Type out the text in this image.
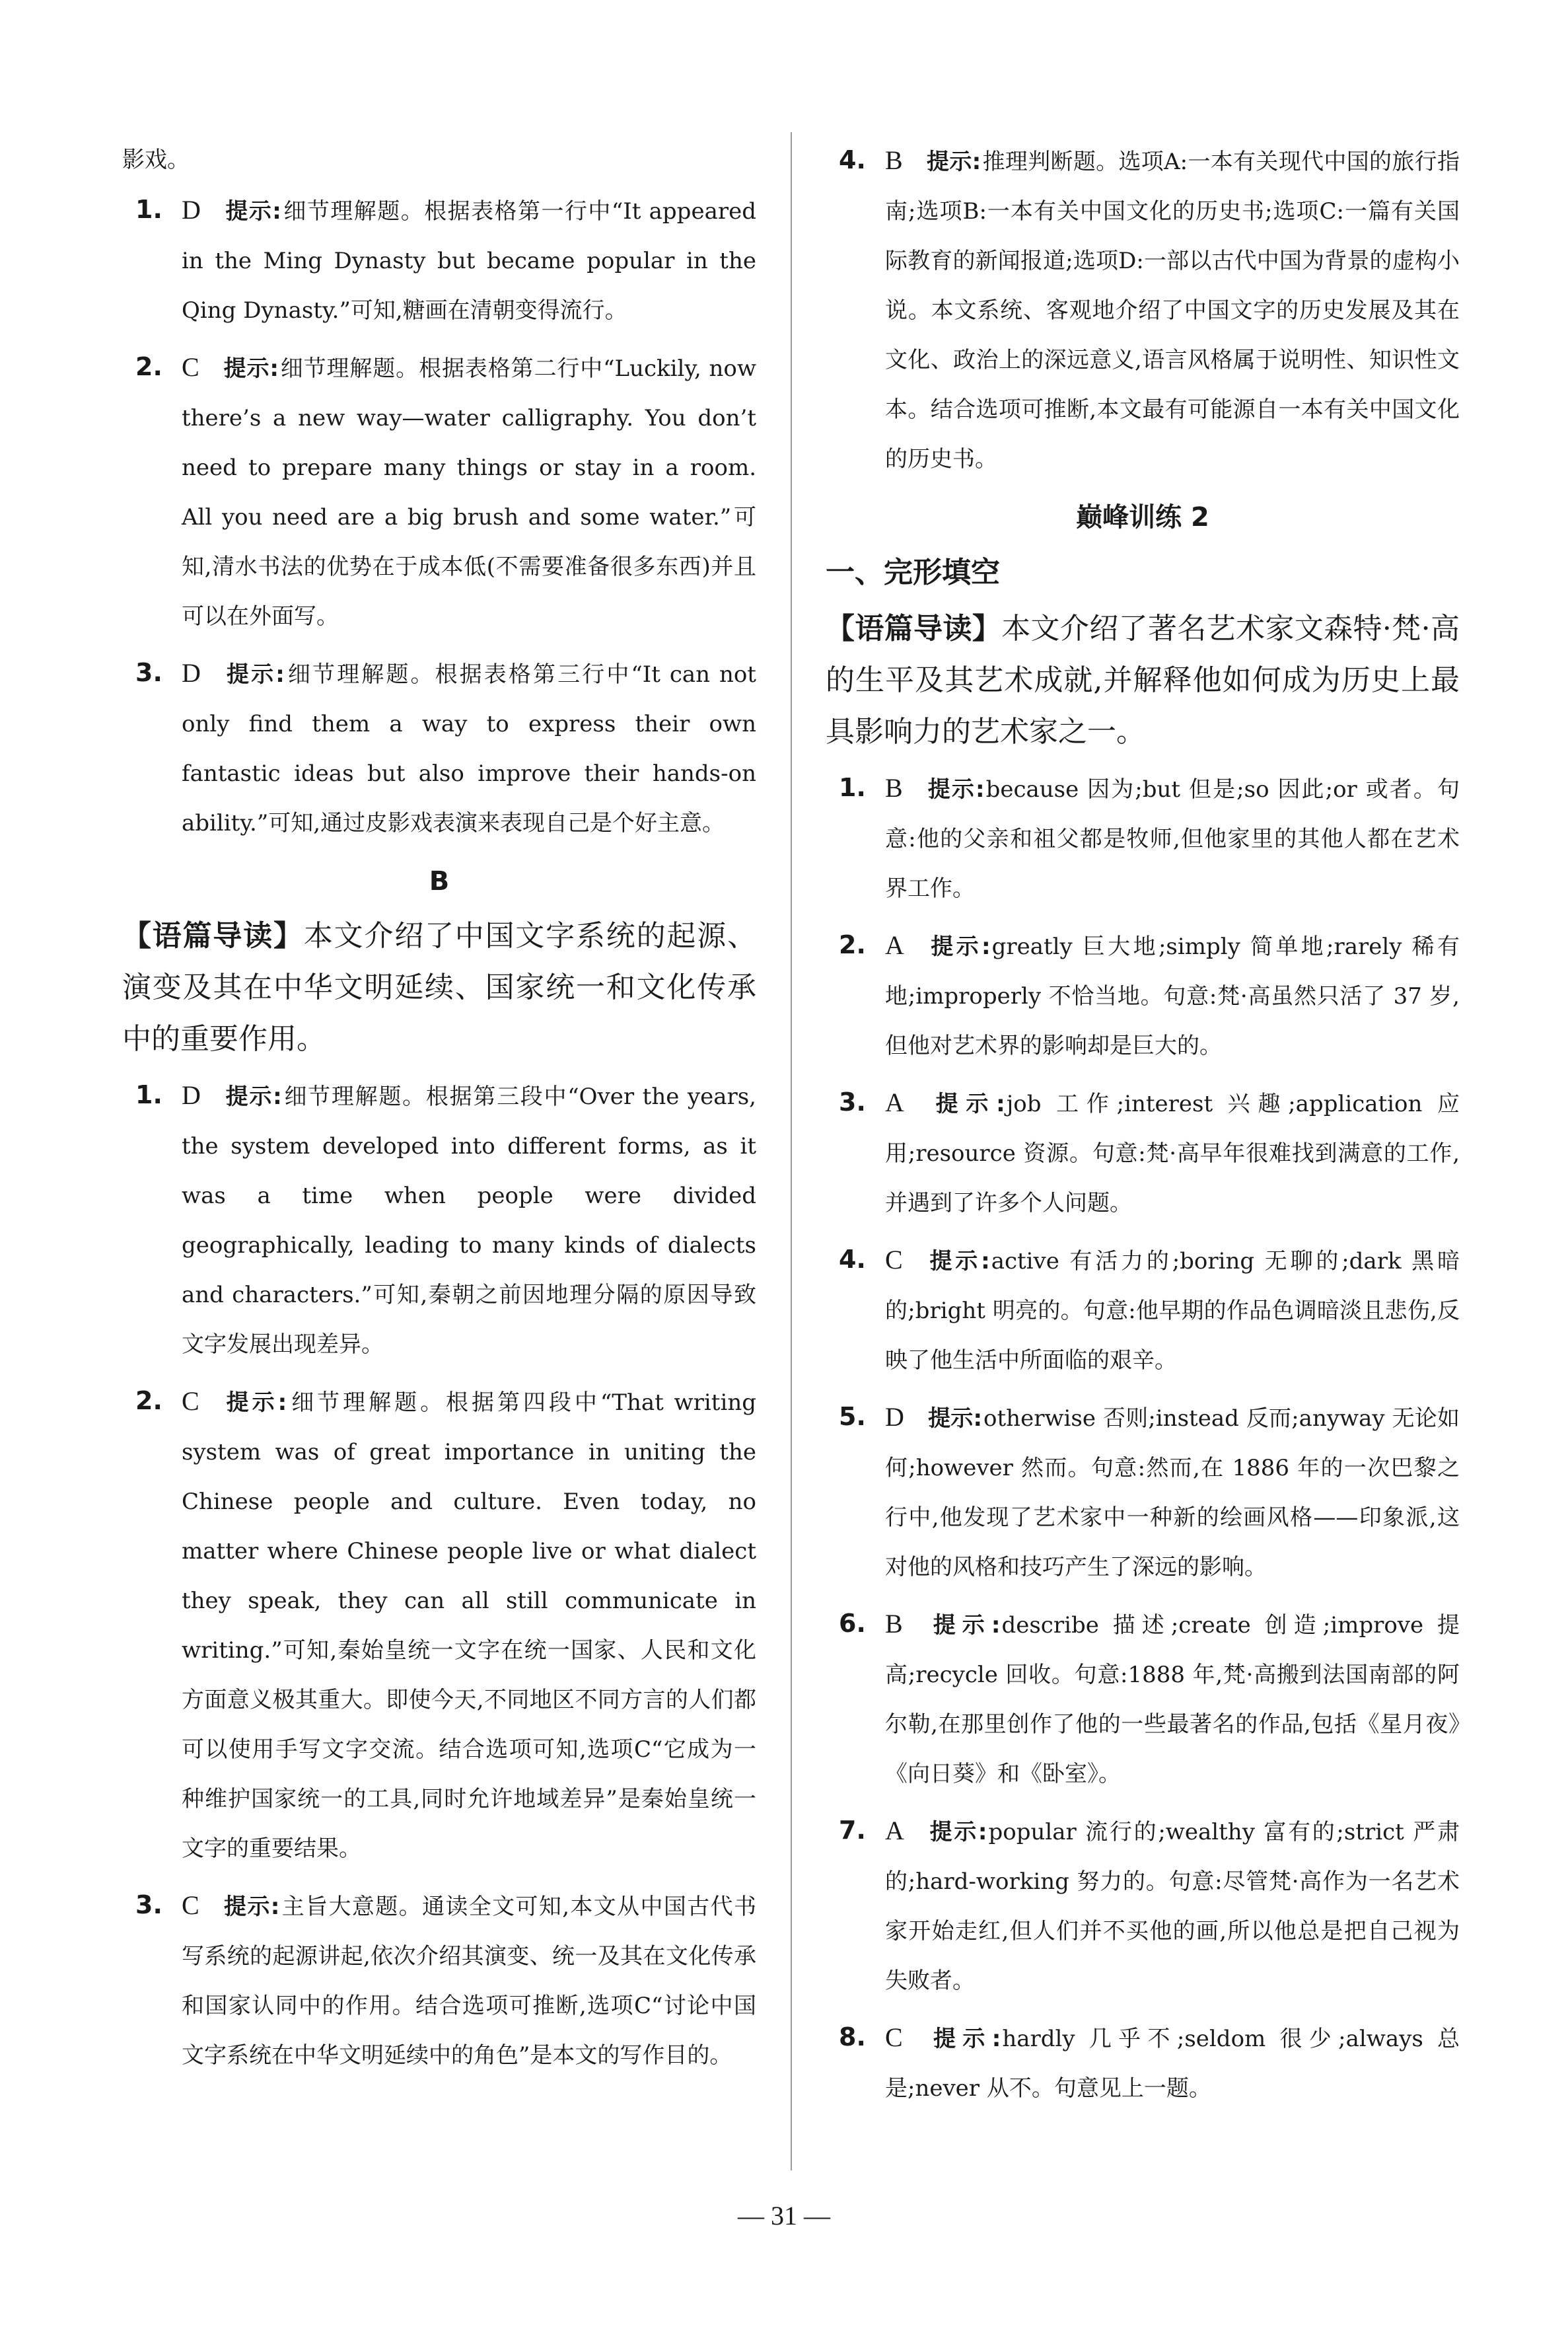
影戏。

1. D 提示:细节理解题。根据表格第一行中“It appeared in the Ming Dynasty but became popular in the Qing Dynasty.”可知,糖画在清朝变得流行。
2. C 提示:细节理解题。根据表格第二行中“Luckily, now there’s a new way—water calligraphy. You don’t need to prepare many things or stay in a room. All you need are a big brush and some water.”可知,清水书法的优势在于成本低(不需要准备很多东西)并且可以在外面写。
3. D 提示:细节理解题。根据表格第三行中“It can not only find them a way to express their own fantastic ideas but also improve their hands-on ability.”可知,通过皮影戏表演来表现自己是个好主意。
B

【语篇导读】本文介绍了中国文字系统的起源、演变及其在中华文明延续、国家统一和文化传承中的重要作用。

1. D 提示:细节理解题。根据第三段中“Over the years, the system developed into different forms, as it was a time when people were divided geographically, leading to many kinds of dialects and characters.”可知,秦朝之前因地理分隔的原因导致文字发展出现差异。
2. C 提示:细节理解题。根据第四段中“That writing system was of great importance in uniting the Chinese people and culture. Even today, no matter where Chinese people live or what dialect they speak, they can all still communicate in writing.”可知,秦始皇统一文字在统一国家、人民和文化方面意义极其重大。即使今天,不同地区不同方言的人们都可以使用手写文字交流。结合选项可知,选项C“它成为一种维护国家统一的工具,同时允许地域差异”是秦始皇统一文字的重要结果。
3. C 提示:主旨大意题。通读全文可知,本文从中国古代书写系统的起源讲起,依次介绍其演变、统一及其在文化传承和国家认同中的作用。结合选项可推断,选项C“讨论中国文字系统在中华文明延续中的角色”是本文的写作目的。
4. B 提示:推理判断题。选项A:一本有关现代中国的旅行指南;选项B:一本有关中国文化的历史书;选项C:一篇有关国际教育的新闻报道;选项D:一部以古代中国为背景的虚构小说。本文系统、客观地介绍了中国文字的历史发展及其在文化、政治上的深远意义,语言风格属于说明性、知识性文本。结合选项可推断,本文最有可能源自一本有关中国文化的历史书。
巅峰训练 2
一、完形填空

【语篇导读】本文介绍了著名艺术家文森特·梵·高的生平及其艺术成就,并解释他如何成为历史上最具影响力的艺术家之一。

1. B 提示:because 因为;but 但是;so 因此;or 或者。句意:他的父亲和祖父都是牧师,但他家里的其他人都在艺术界工作。
2. A 提示:greatly 巨大地;simply 简单地;rarely 稀有地;improperly 不恰当地。句意:梵·高虽然只活了 37 岁,但他对艺术界的影响却是巨大的。
3. A 提示:job 工作;interest 兴趣;application 应用;resource 资源。句意:梵·高早年很难找到满意的工作,并遇到了许多个人问题。
4. C 提示:active 有活力的;boring 无聊的;dark 黑暗的;bright 明亮的。句意:他早期的作品色调暗淡且悲伤,反映了他生活中所面临的艰辛。
5. D 提示:otherwise 否则;instead 反而;anyway 无论如何;however 然而。句意:然而,在 1886 年的一次巴黎之行中,他发现了艺术家中一种新的绘画风格——印象派,这对他的风格和技巧产生了深远的影响。
6. B 提示:describe 描述;create 创造;improve 提高;recycle 回收。句意:1888 年,梵·高搬到法国南部的阿尔勒,在那里创作了他的一些最著名的作品,包括《星月夜》《向日葵》和《卧室》。
7. A 提示:popular 流行的;wealthy 富有的;strict 严肃的;hard-working 努力的。句意:尽管梵·高作为一名艺术家开始走红,但人们并不买他的画,所以他总是把自己视为失败者。
8. C 提示:hardly 几乎不;seldom 很少;always 总是;never 从不。句意见上一题。
— 31 —
